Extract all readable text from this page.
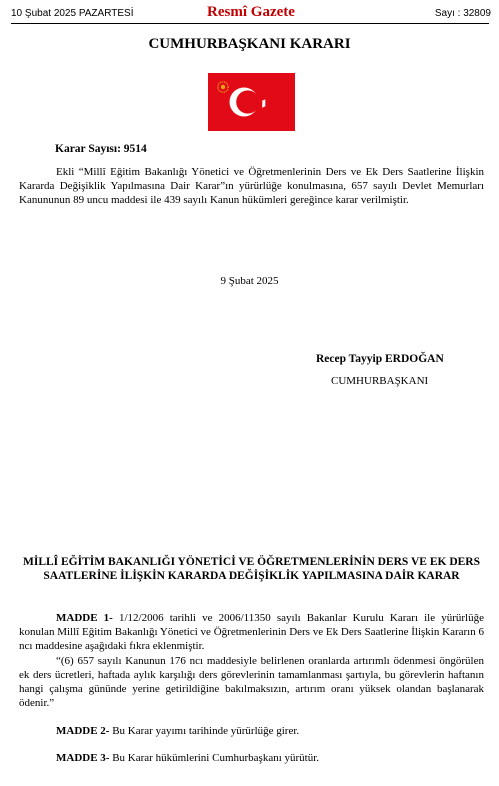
10 Şubat 2025 PAZARTESİ	Resmî Gazete	Sayı : 32809
CUMHURBAŞKANI KARARI
Karar Sayısı: 9514
Ekli “Millî Eğitim Bakanlığı Yönetici ve Öğretmenlerinin Ders ve Ek Ders Saatlerine İlişkin Kararda Değişiklik Yapılmasına Dair Karar”ın yürürlüğe konulmasına, 657 sayılı Devlet Memurları Kanununun 89 uncu maddesi ile 439 sayılı Kanun hükümleri gereğince karar verilmiştir.
9 Şubat 2025
Recep Tayyip ERDOĞAN
CUMHURBAŞKANI
MİLLÎ EĞİTİM BAKANLIĞI YÖNETİCİ VE ÖĞRETMENLERİNİN DERS VE EK DERS SAATLERİNE İLİŞKİN KARARDA DEĞİŞİKLİK YAPILMASINA DAİR KARAR
MADDE 1- 1/12/2006 tarihli ve 2006/11350 sayılı Bakanlar Kurulu Kararı ile yürürlüğe konulan Millî Eğitim Bakanlığı Yönetici ve Öğretmenlerinin Ders ve Ek Ders Saatlerine İlişkin Kararın 6 ncı maddesine aşağıdaki fıkra eklenmiştir.
“(6) 657 sayılı Kanunun 176 ncı maddesiyle belirlenen oranlarda artırımlı ödenmesi öngörülen ek ders ücretleri, haftada aylık karşılığı ders görevlerinin tamamlanması şartıyla, bu görevlerin haftanın hangi çalışma gününde yerine getirildiğine bakılmaksızın, artırım oranı yüksek olandan başlanarak ödenir.”
MADDE 2- Bu Karar yayımı tarihinde yürürlüğe girer.
MADDE 3- Bu Karar hükümlerini Cumhurbaşkanı yürütür.
